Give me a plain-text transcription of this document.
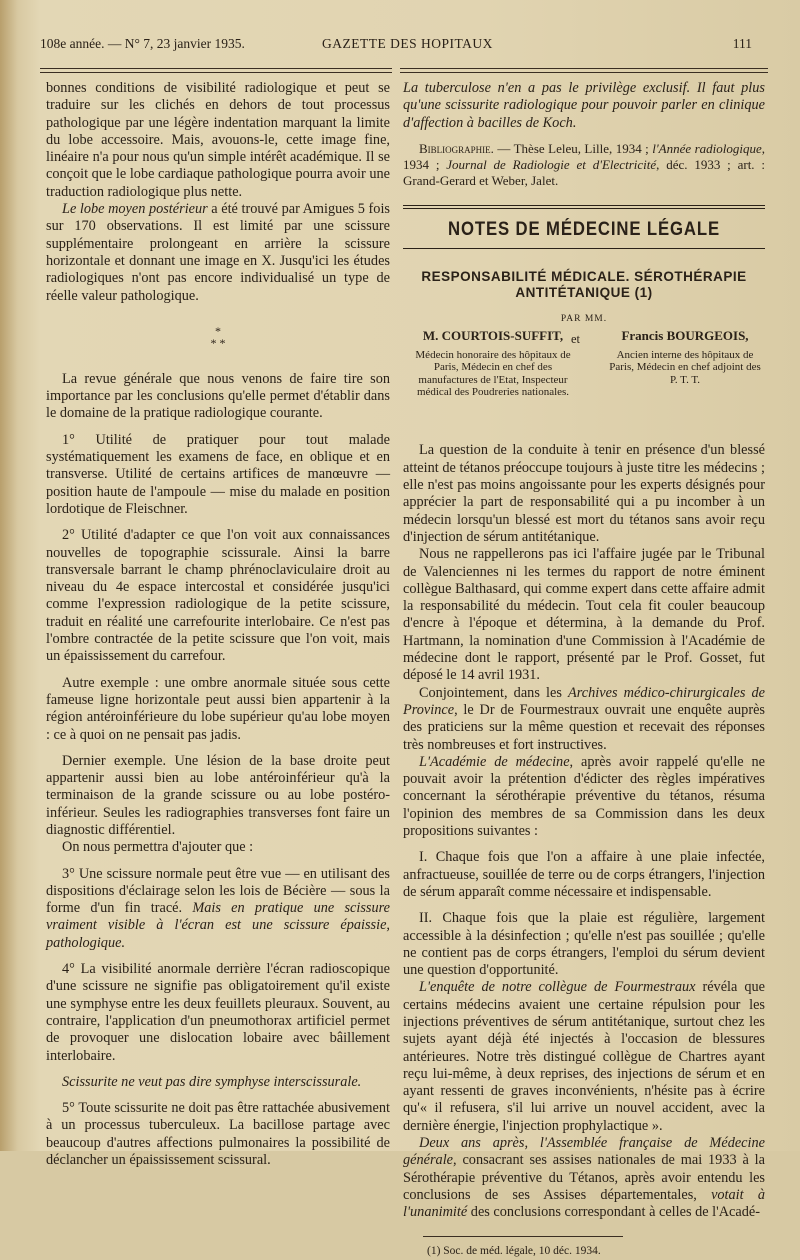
108e année. — N° 7, 23 janvier 1935.	GAZETTE DES HOPITAUX	111

bonnes conditions de visibilité radiologique et peut se traduire sur les clichés en dehors de tout processus pathologique par une légère indentation marquant la limite du lobe accessoire. Mais, avouons-le, cette image fine, linéaire n'a pour nous qu'un simple intérêt académique. Il se conçoit que le lobe cardiaque pathologique pourra avoir une traduction radiologique plus nette.

Le lobe moyen postérieur a été trouvé par Amigues 5 fois sur 170 observations. Il est limité par une scissure supplémentaire prolongeant en arrière la scissure horizontale et donnant une image en X. Jusqu'ici les études radiologiques n'ont pas encore individualisé un type de réelle valeur pathologique.

*
* *

La revue générale que nous venons de faire tire son importance par les conclusions qu'elle permet d'établir dans le domaine de la pratique radiologique courante.

1° Utilité de pratiquer pour tout malade systématiquement les examens de face, en oblique et en transverse. Utilité de certains artifices de manœuvre — position haute de l'ampoule — mise du malade en position lordotique de Fleischner.

2° Utilité d'adapter ce que l'on voit aux connaissances nouvelles de topographie scissurale. Ainsi la barre transversale barrant le champ phrénoclaviculaire droit au niveau du 4e espace intercostal et considérée jusqu'ici comme l'expression radiologique de la petite scissure, traduit en réalité une carrefourite interlobaire. Ce n'est pas l'ombre contractée de la petite scissure que l'on voit, mais un épaississement du carrefour.

Autre exemple : une ombre anormale située sous cette fameuse ligne horizontale peut aussi bien appartenir à la région antéroinférieure du lobe supérieur qu'au lobe moyen : ce à quoi on ne pensait pas jadis.

Dernier exemple. Une lésion de la base droite peut appartenir aussi bien au lobe antéroinférieur qu'à la terminaison de la grande scissure ou au lobe postéro-inférieur. Seules les radiographies transverses font faire un diagnostic différentiel.

On nous permettra d'ajouter que :

3° Une scissure normale peut être vue — en utilisant des dispositions d'éclairage selon les lois de Bécière — sous la forme d'un fin tracé. Mais en pratique une scissure vraiment visible à l'écran est une scissure épaissie, pathologique.

4° La visibilité anormale derrière l'écran radioscopique d'une scissure ne signifie pas obligatoirement qu'il existe une symphyse entre les deux feuillets pleuraux. Souvent, au contraire, l'application d'un pneumothorax artificiel permet de provoquer une dislocation lobaire avec bâillement interlobaire.

Scissurite ne veut pas dire symphyse interscissurale.

5° Toute scissurite ne doit pas être rattachée abusivement à un processus tuberculeux. La bacillose partage avec beaucoup d'autres affections pulmonaires la possibilité de déclancher un épaississement scissural.

La tuberculose n'en a pas le privilège exclusif. Il faut plus qu'une scissurite radiologique pour pouvoir parler en clinique d'affection à bacilles de Koch.

Bibliographie. — Thèse Leleu, Lille, 1934 ; l'Année radiologique, 1934 ; Journal de Radiologie et d'Electricité, déc. 1933 ; art. : Grand-Gerard et Weber, Jalet.

NOTES DE MÉDECINE LÉGALE
RESPONSABILITÉ MÉDICALE. SÉROTHÉRAPIE
ANTITÉTANIQUE (1)
PAR MM.
M. COURTOIS-SUFFIT,
Médecin honoraire des hôpitaux de Paris, Médecin en chef des manufactures de l'Etat, Inspecteur médical des Poudreries nationales.
et	Francis BOURGEOIS,
Ancien interne des hôpitaux de Paris, Médecin en chef adjoint des P. T. T.

La question de la conduite à tenir en présence d'un blessé atteint de tétanos préoccupe toujours à juste titre les médecins ; elle n'est pas moins angoissante pour les experts désignés pour apprécier la part de responsabilité qui a pu incomber à un médecin lorsqu'un blessé est mort du tétanos sans avoir reçu d'injection de sérum antitétanique.

Nous ne rappellerons pas ici l'affaire jugée par le Tribunal de Valenciennes ni les termes du rapport de notre éminent collègue Balthasard, qui comme expert dans cette affaire admit la responsabilité du médecin. Tout cela fit couler beaucoup d'encre à l'époque et détermina, à la demande du Prof. Hartmann, la nomination d'une Commission à l'Académie de médecine dont le rapport, présenté par le Prof. Gosset, fut déposé le 14 avril 1931.

Conjointement, dans les Archives médico-chirurgicales de Province, le Dr de Fourmestraux ouvrait une enquête auprès des praticiens sur la même question et recevait des réponses très nombreuses et fort instructives.

L'Académie de médecine, après avoir rappelé qu'elle ne pouvait avoir la prétention d'édicter des règles impératives concernant la sérothérapie préventive du tétanos, résuma l'opinion des membres de sa Commission dans les deux propositions suivantes :

I. Chaque fois que l'on a affaire à une plaie infectée, anfractueuse, souillée de terre ou de corps étrangers, l'injection de sérum apparaît comme nécessaire et indispensable.

II. Chaque fois que la plaie est régulière, largement accessible à la désinfection ; qu'elle n'est pas souillée ; qu'elle ne contient pas de corps étrangers, l'emploi du sérum devient une question d'opportunité.

L'enquête de notre collègue de Fourmestraux révéla que certains médecins avaient une certaine répulsion pour les injections préventives de sérum antitétanique, surtout chez les sujets ayant déjà été injectés à l'occasion de blessures antérieures. Notre très distingué collègue de Chartres ayant reçu lui-même, à deux reprises, des injections de sérum et en ayant ressenti de graves inconvénients, n'hésite pas à écrire qu'« il refusera, s'il lui arrive un nouvel accident, avec la dernière énergie, l'injection prophylactique ».

Deux ans après, l'Assemblée française de Médecine générale, consacrant ses assises nationales de mai 1933 à la Sérothérapie préventive du Tétanos, après avoir entendu les conclusions de ses Assises départementales, votait à l'unanimité des conclusions correspondant à celles de l'Acadé-

(1) Soc. de méd. légale, 10 déc. 1934.
